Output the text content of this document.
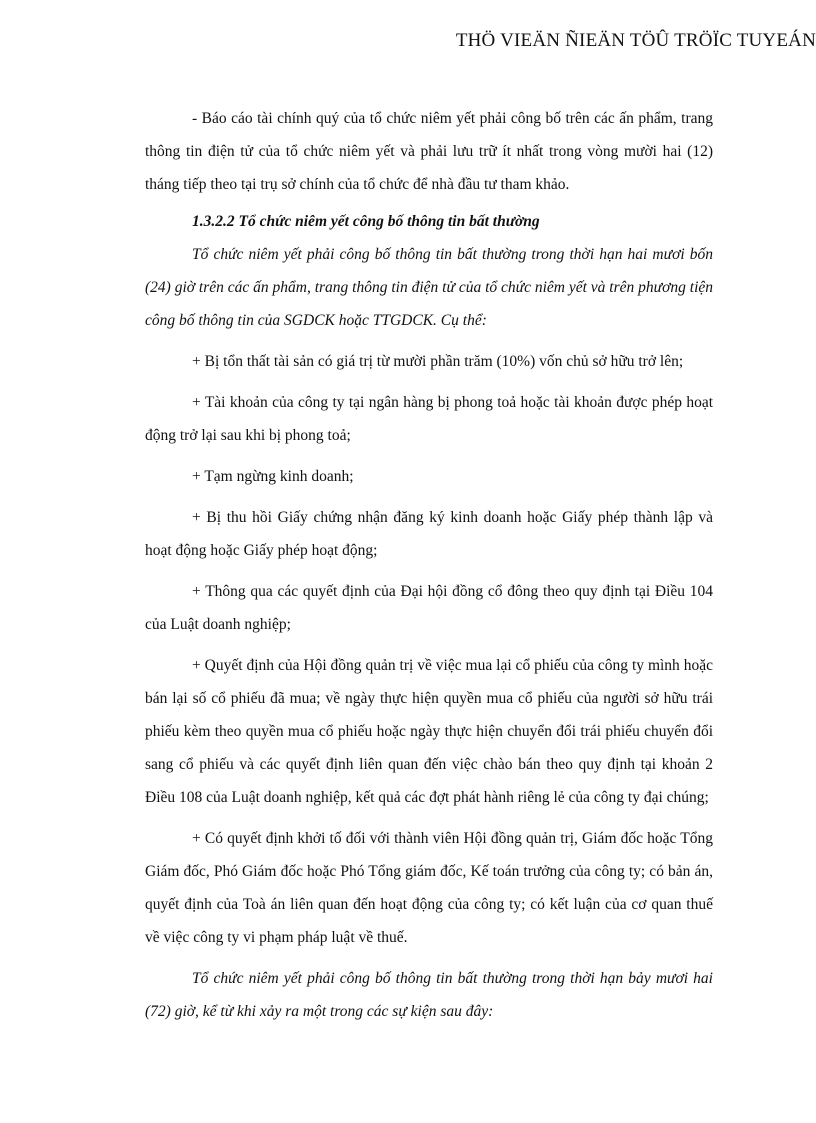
THÖ VIEÄN ÑIEÄN TÖÛ TRÖÏC TUYEÁN

- Báo cáo tài chính quý của tổ chức niêm yết phải công bố trên các ấn phẩm, trang thông tin điện tử của tổ chức niêm yết và phải lưu trữ ít nhất trong vòng mười hai (12) tháng tiếp theo tại trụ sở chính của tổ chức để nhà đầu tư tham khảo.

1.3.2.2 Tổ chức niêm yết công bố thông tin bất thường

Tổ chức niêm yết phải công bố thông tin bất thường trong thời hạn hai mươi bốn (24) giờ trên các ấn phẩm, trang thông tin điện tử của tổ chức niêm yết và trên phương tiện công bố thông tin của SGDCK hoặc TTGDCK. Cụ thể:

+ Bị tổn thất tài sản có giá trị từ mười phần trăm (10%) vốn chủ sở hữu trở lên;

+ Tài khoản của công ty tại ngân hàng bị phong toả hoặc tài khoản được phép hoạt động trở lại sau khi bị phong toả;

+ Tạm ngừng kinh doanh;

+ Bị thu hồi Giấy chứng nhận đăng ký kinh doanh hoặc Giấy phép thành lập và hoạt động hoặc Giấy phép hoạt động;

+ Thông qua các quyết định của Đại hội đồng cổ đông theo quy định tại Điều 104 của Luật doanh nghiệp;

+ Quyết định của Hội đồng quản trị về việc mua lại cổ phiếu của công ty mình hoặc bán lại số cổ phiếu đã mua; về ngày thực hiện quyền mua cổ phiếu của người sở hữu trái phiếu kèm theo quyền mua cổ phiếu hoặc ngày thực hiện chuyển đổi trái phiếu chuyển đổi sang cổ phiếu và các quyết định liên quan đến việc chào bán theo quy định tại khoản 2 Điều 108 của Luật doanh nghiệp, kết quả các đợt phát hành riêng lẻ của công ty đại chúng;

+ Có quyết định khởi tố đối với thành viên Hội đồng quản trị, Giám đốc hoặc Tổng Giám đốc, Phó Giám đốc hoặc Phó Tổng giám đốc, Kế toán trưởng của công ty; có bản án, quyết định của Toà án liên quan đến hoạt động của công ty; có kết luận của cơ quan thuế về việc công ty vi phạm pháp luật về thuế.

Tổ chức niêm yết phải công bố thông tin bất thường trong thời hạn bảy mươi hai (72) giờ, kể từ khi xảy ra một trong các sự kiện sau đây:
